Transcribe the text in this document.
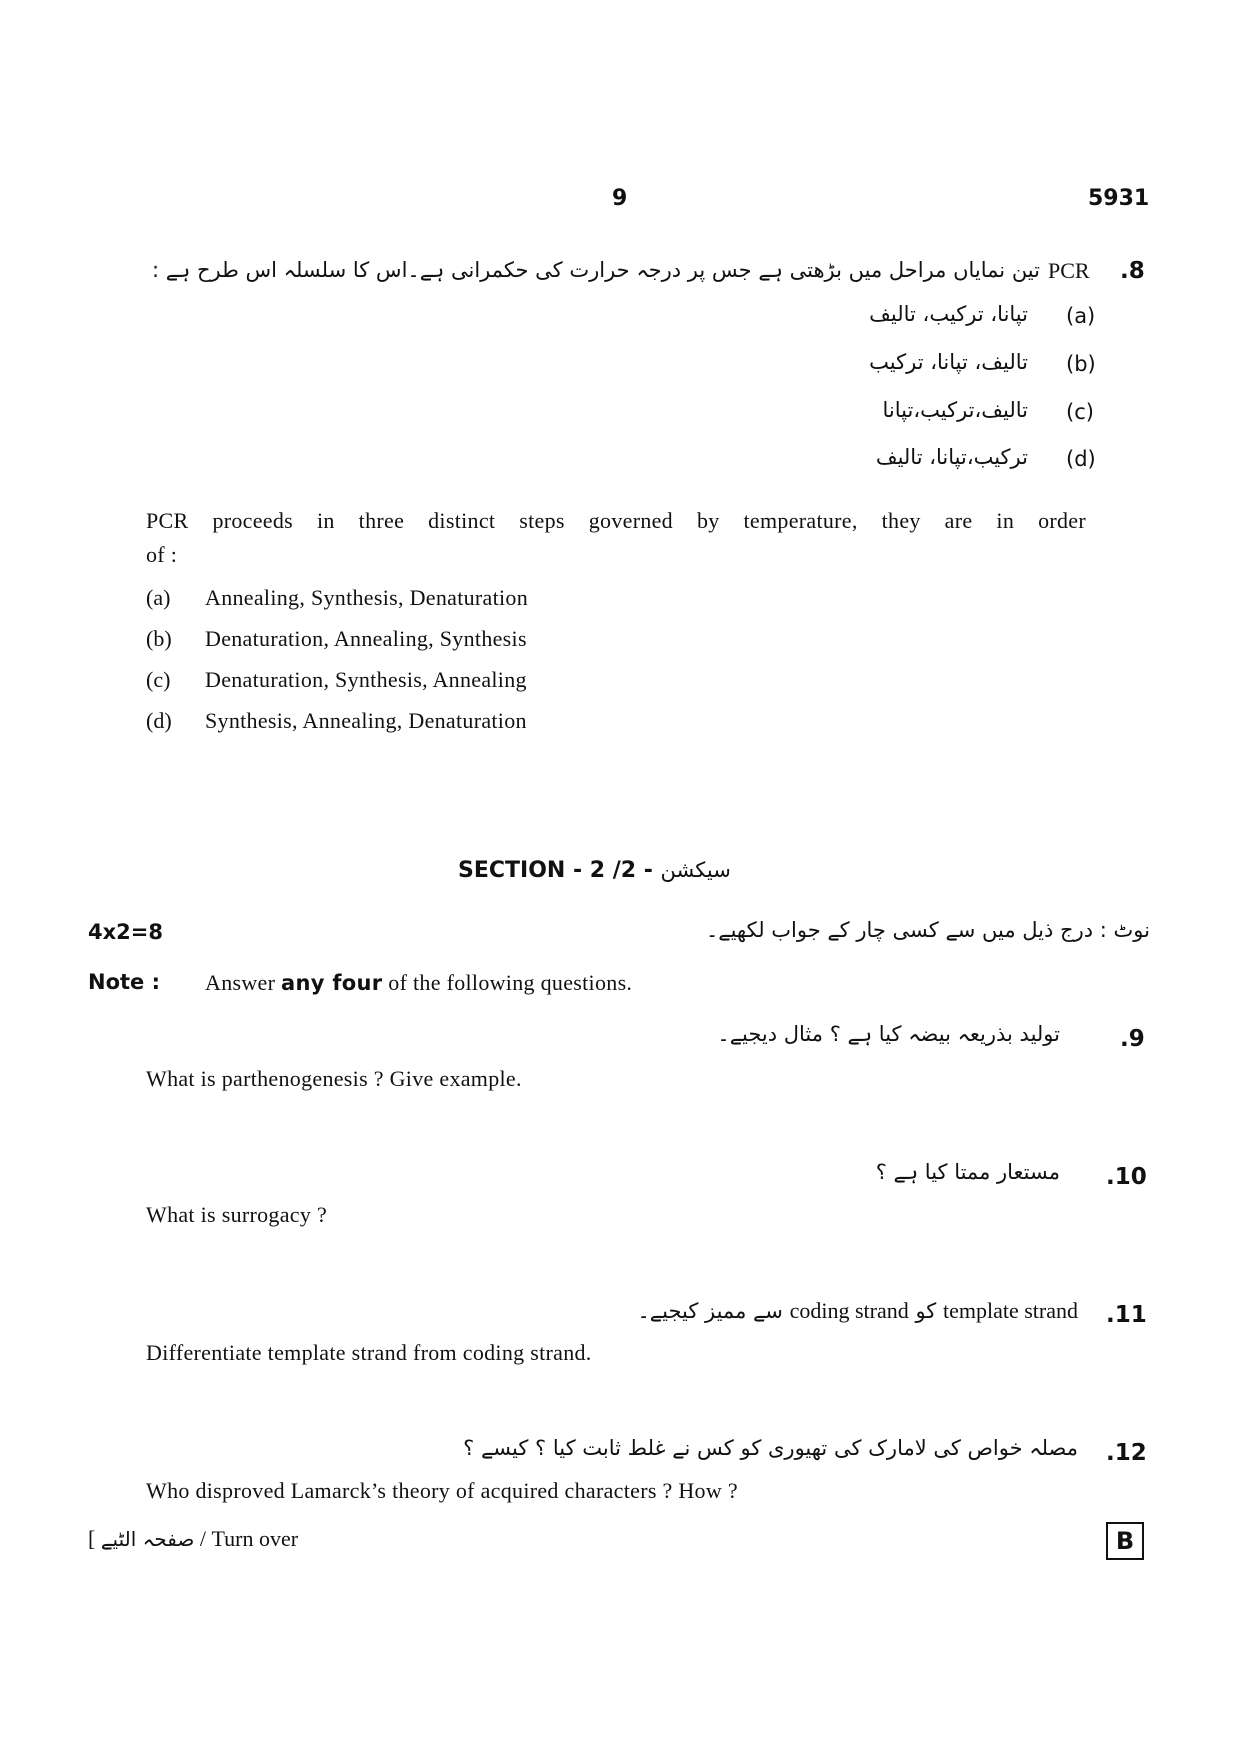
9	5931
.8
PCR
تین نمایاں مراحل میں بڑھتی ہے جس پر درجہ حرارت کی حکمرانی ہے۔اس کا سلسلہ اس طرح ہے :
(a)
تپانا، ترکیب، تالیف
(b)
تالیف، تپانا، ترکیب
(c)
تالیف،ترکیب،تپانا
(d)
ترکیب،تپانا، تالیف
PCR proceeds in three distinct steps governed by temperature, they are in order
of :
(a) Annealing, Synthesis, Denaturation
(b) Denaturation, Annealing, Synthesis
(c) Denaturation, Synthesis, Annealing
(d) Synthesis, Annealing, Denaturation
SECTION - 2 /2 - سیکشن
4x2=8	نوٹ : درج ذیل میں سے کسی چار کے جواب لکھیے۔
Note : Answer any four of the following questions.
.9
تولید بذریعہ بیضہ کیا ہے ؟ مثال دیجیے۔
What is parthenogenesis ? Give example.
.10
مستعار ممتا کیا ہے ؟
What is surrogacy ?
.11
template strand کو coding strand سے ممیز کیجیے۔
Differentiate template strand from coding strand.
.12
مصلہ خواص کی لامارک کی تھیوری کو کس نے غلط ثابت کیا ؟ کیسے ؟
Who disproved Lamarck’s theory of acquired characters ? How ?
[ صفحہ الٹیے / Turn over	B
